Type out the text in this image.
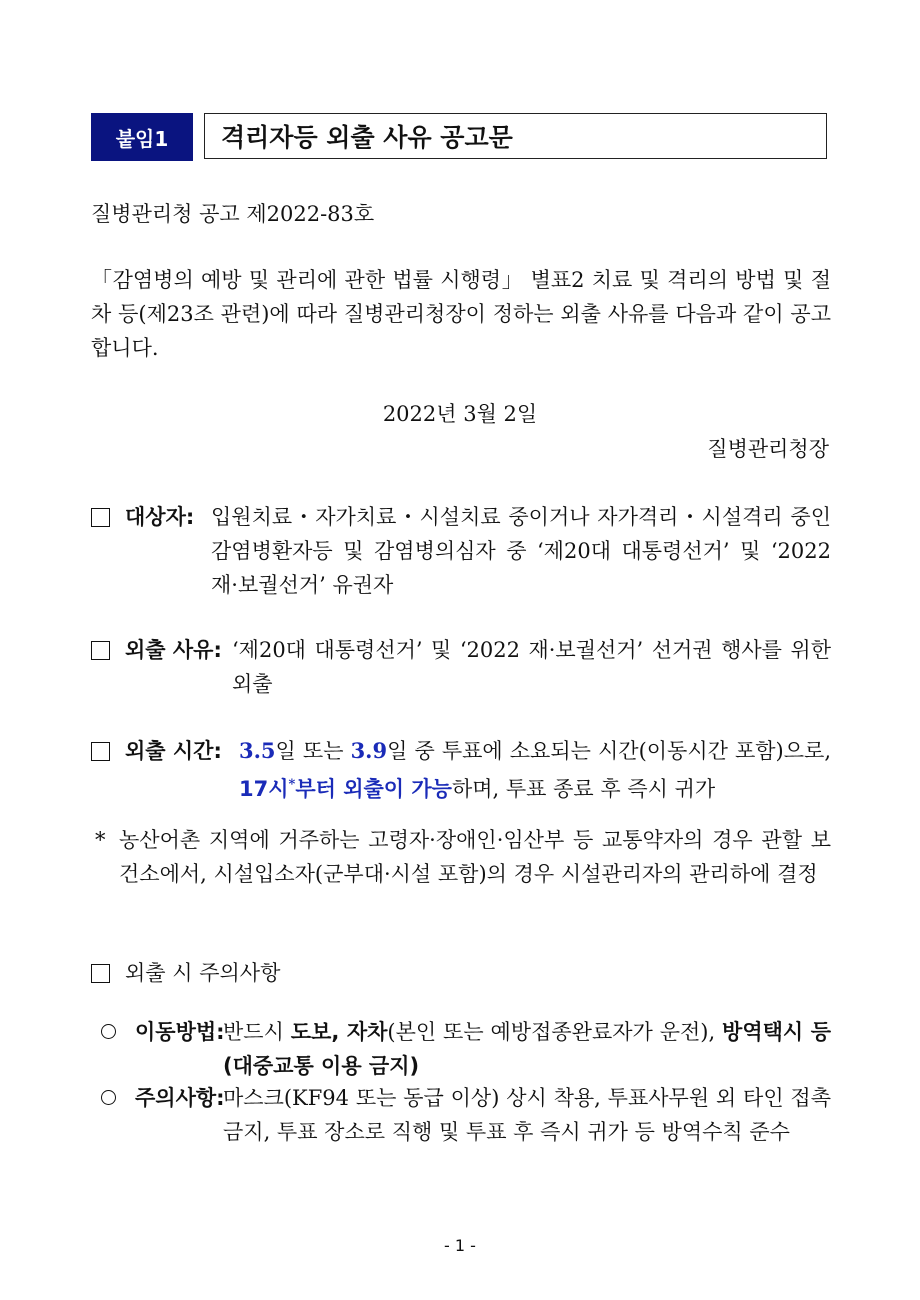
붙임1	격리자등 외출 사유 공고문
질병관리청 공고 제2022-83호
「감염병의 예방 및 관리에 관한 법률 시행령」 별표2 치료 및 격리의 방법 및 절차 등(제23조 관련)에 따라 질병관리청장이 정하는 외출 사유를 다음과 같이 공고합니다.
2022년 3월 2일
질병관리청장
대상자: 입원치료・자가치료・시설치료 중이거나 자가격리・시설격리 중인 감염병환자등 및 감염병의심자 중 ‘제20대 대통령선거’ 및 ‘2022 재·보궐선거’ 유권자
외출 사유: ‘제20대 대통령선거’ 및 ‘2022 재·보궐선거’ 선거권 행사를 위한 외출
외출 시간: 3.5일 또는 3.9일 중 투표에 소요되는 시간(이동시간 포함)으로, 17시*부터 외출이 가능하며, 투표 종료 후 즉시 귀가
* 농산어촌 지역에 거주하는 고령자·장애인·임산부 등 교통약자의 경우 관할 보건소에서, 시설입소자(군부대·시설 포함)의 경우 시설관리자의 관리하에 결정
외출 시 주의사항
이동방법:
반드시 도보, 자차(본인 또는 예방접종완료자가 운전), 방역택시 등(대중교통 이용 금지)
주의사항:
마스크(KF94 또는 동급 이상) 상시 착용, 투표사무원 외 타인 접촉 금지, 투표 장소로 직행 및 투표 후 즉시 귀가 등 방역수칙 준수
- 1 -
